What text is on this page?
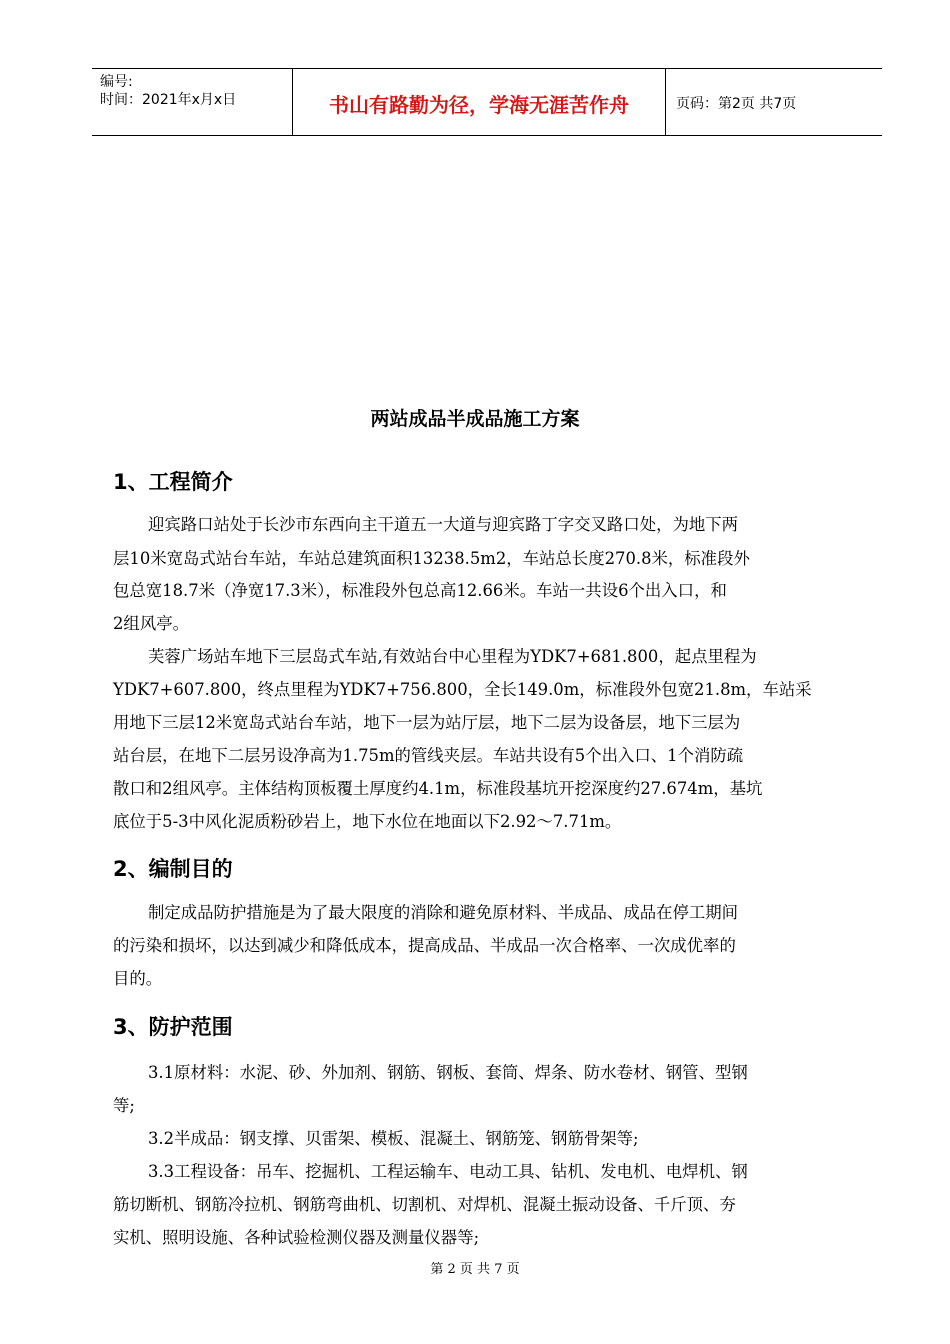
编号:
时间：2021年x月x日	书山有路勤为径，学海无涯苦作舟	页码：第2页 共7页
两站成品半成品施工方案
1、工程简介
迎宾路口站处于长沙市东西向主干道五一大道与迎宾路丁字交叉路口处，为地下两
层10米宽岛式站台车站，车站总建筑面积13238.5m2，车站总长度270.8米，标准段外
包总宽18.7米（净宽17.3米），标准段外包总高12.66米。车站一共设6个出入口，和
2组风亭。
芙蓉广场站车地下三层岛式车站,有效站台中心里程为YDK7+681.800，起点里程为
YDK7+607.800，终点里程为YDK7+756.800，全长149.0m，标准段外包宽21.8m，车站采
用地下三层12米宽岛式站台车站，地下一层为站厅层，地下二层为设备层，地下三层为
站台层，在地下二层另设净高为1.75m的管线夹层。车站共设有5个出入口、1个消防疏
散口和2组风亭。主体结构顶板覆土厚度约4.1m，标准段基坑开挖深度约27.674m，基坑
底位于5-3中风化泥质粉砂岩上，地下水位在地面以下2.92～7.71m。
2、编制目的
制定成品防护措施是为了最大限度的消除和避免原材料、半成品、成品在停工期间
的污染和损坏，以达到减少和降低成本，提高成品、半成品一次合格率、一次成优率的
目的。
3、防护范围
3.1原材料：水泥、砂、外加剂、钢筋、钢板、套筒、焊条、防水卷材、钢管、型钢
等;
3.2半成品：钢支撑、贝雷架、模板、混凝土、钢筋笼、钢筋骨架等;
3.3工程设备：吊车、挖掘机、工程运输车、电动工具、钻机、发电机、电焊机、钢
筋切断机、钢筋冷拉机、钢筋弯曲机、切割机、对焊机、混凝土振动设备、千斤顶、夯
实机、照明设施、各种试验检测仪器及测量仪器等;
第 2 页 共 7 页
